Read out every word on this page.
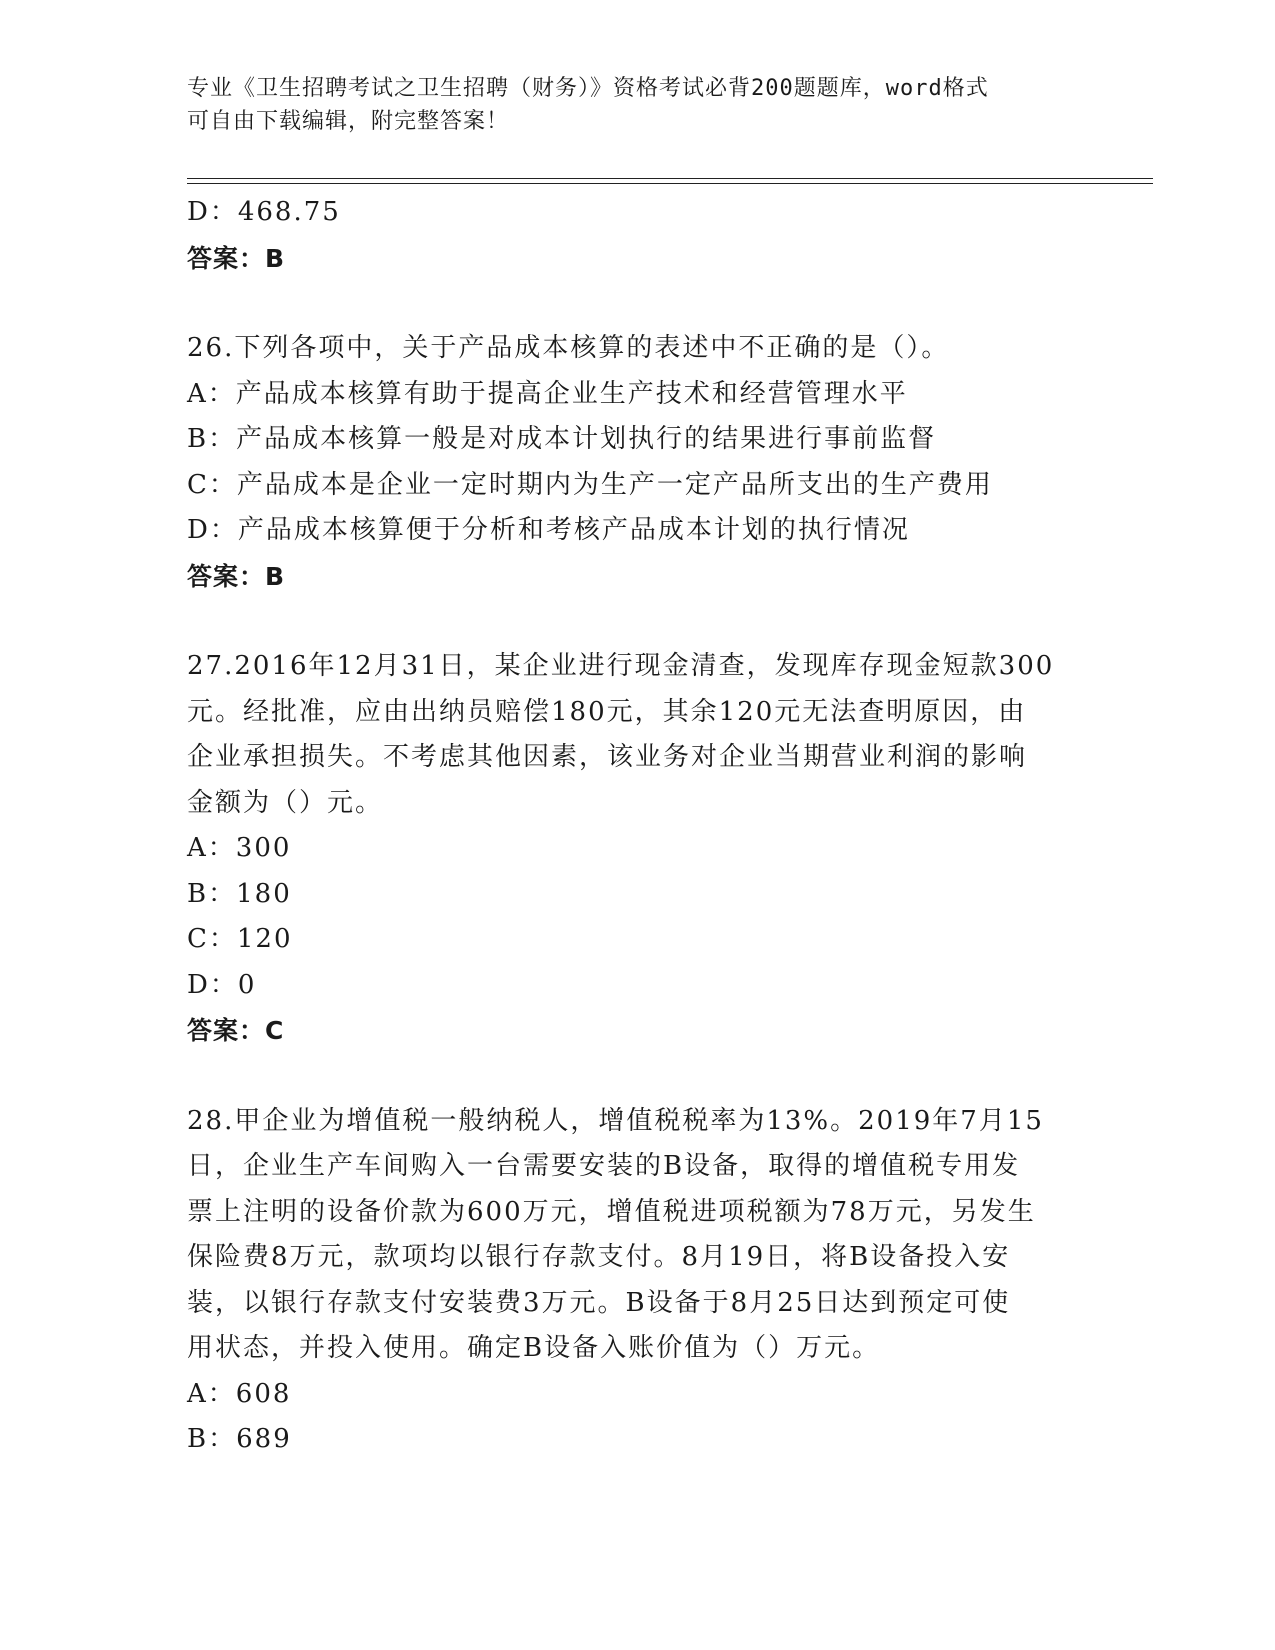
专业《卫生招聘考试之卫生招聘（财务）》资格考试必背200题题库，word格式
可自由下载编辑，附完整答案！
D：468.75
答案：B
26.下列各项中，关于产品成本核算的表述中不正确的是（）。
A：产品成本核算有助于提高企业生产技术和经营管理水平
B：产品成本核算一般是对成本计划执行的结果进行事前监督
C：产品成本是企业一定时期内为生产一定产品所支出的生产费用
D：产品成本核算便于分析和考核产品成本计划的执行情况
答案：B
27.2016年12月31日，某企业进行现金清查，发现库存现金短款300
元。经批准，应由出纳员赔偿180元，其余120元无法查明原因，由
企业承担损失。不考虑其他因素，该业务对企业当期营业利润的影响
金额为（）元。
A：300
B：180
C：120
D：0
答案：C
28.甲企业为增值税一般纳税人，增值税税率为13%。2019年7月15
日，企业生产车间购入一台需要安装的B设备，取得的增值税专用发
票上注明的设备价款为600万元，增值税进项税额为78万元，另发生
保险费8万元，款项均以银行存款支付。8月19日，将B设备投入安
装，以银行存款支付安装费3万元。B设备于8月25日达到预定可使
用状态，并投入使用。确定B设备入账价值为（）万元。
A：608
B：689
